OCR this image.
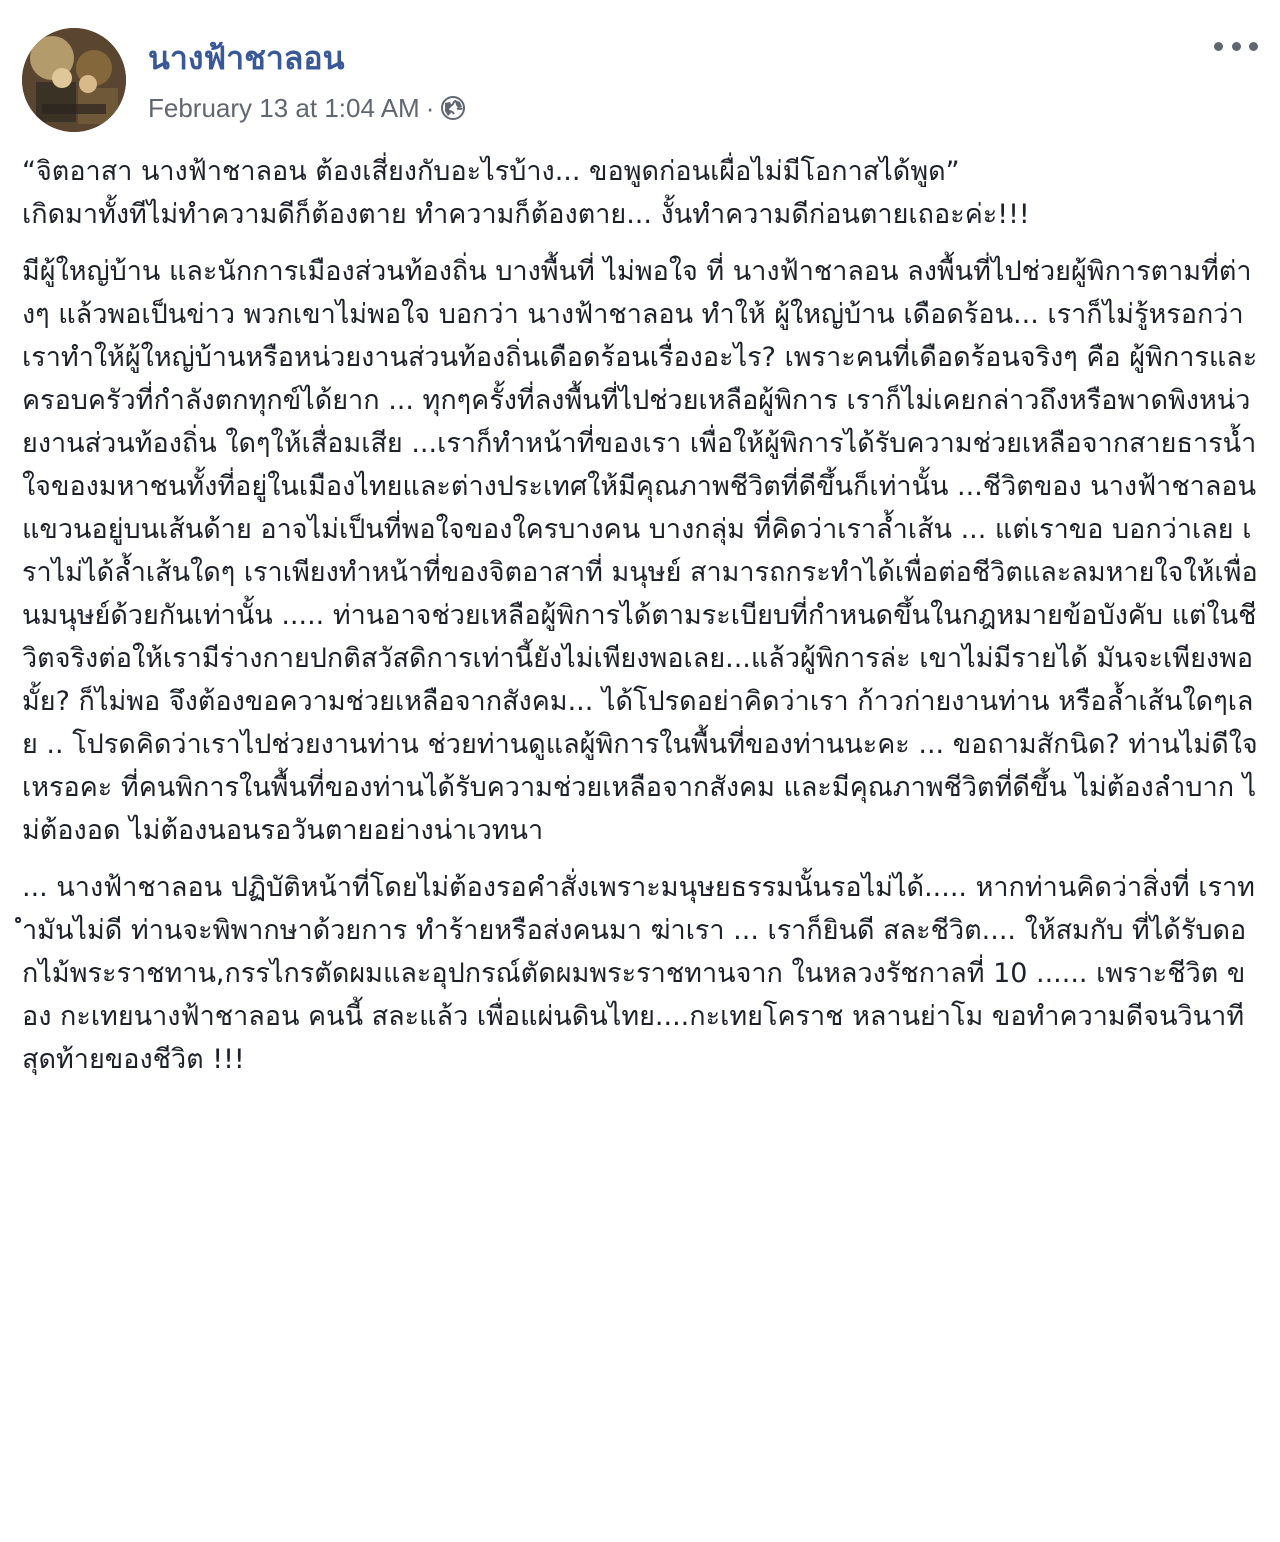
นางฟ้าชาลอน
February 13 at 1:04 AM ·

“จิตอาสา นางฟ้าชาลอน ต้องเสี่ยงกับอะไรบ้าง... ขอพูดก่อนเผื่อไม่มีโอกาสได้พูด”

เกิดมาทั้งทีไม่ทำความดีก็ต้องตาย ทำความก็ต้องตาย... งั้นทำความดีก่อนตายเถอะค่ะ!!!

มีผู้ใหญ่บ้าน และนักการเมืองส่วนท้องถิ่น บางพื้นที่ ไม่พอใจ ที่ นางฟ้าชาลอน ลงพื้นที่ไปช่วยผู้พิการตามที่ต่างๆ แล้วพอเป็นข่าว พวกเขาไม่พอใจ บอกว่า นางฟ้าชาลอน ทำให้ ผู้ใหญ่บ้าน เดือดร้อน... เราก็ไม่รู้หรอกว่า เราทำให้ผู้ใหญ่บ้านหรือหน่วยงานส่วนท้องถิ่นเดือดร้อนเรื่องอะไร? เพราะคนที่เดือดร้อนจริงๆ คือ ผู้พิการและครอบครัวที่กำลังตกทุกข์ได้ยาก ... ทุกๆครั้งที่ลงพื้นที่ไปช่วยเหลือผู้พิการ เราก็ไม่เคยกล่าวถึงหรือพาดพิงหน่วยงานส่วนท้องถิ่น ใดๆให้เสื่อมเสีย ...เราก็ทำหน้าที่ของเรา เพื่อให้ผู้พิการได้รับความช่วยเหลือจากสายธารน้ำใจของมหาชนทั้งที่อยู่ในเมืองไทยและต่างประเทศให้มีคุณภาพชีวิตที่ดีขึ้นก็เท่านั้น ...ชีวิตของ นางฟ้าชาลอน แขวนอยู่บนเส้นด้าย อาจไม่เป็นที่พอใจของใครบางคน บางกลุ่ม ที่คิดว่าเราล้ำเส้น ... แต่เราขอ บอกว่าเลย เราไม่ได้ล้ำเส้นใดๆ เราเพียงทำหน้าที่ของจิตอาสาที่ มนุษย์ สามารถกระทำได้เพื่อต่อชีวิตและลมหายใจให้เพื่อนมนุษย์ด้วยกันเท่านั้น ..... ท่านอาจช่วยเหลือผู้พิการได้ตามระเบียบที่กำหนดขึ้นในกฎหมายข้อบังคับ แต่ในชีวิตจริงต่อให้เรามีร่างกายปกติสวัสดิการเท่านี้ยังไม่เพียงพอเลย...แล้วผู้พิการล่ะ เขาไม่มีรายได้ มันจะเพียงพอมั้ย? ก็ไม่พอ จึงต้องขอความช่วยเหลือจากสังคม... ได้โปรดอย่าคิดว่าเรา ก้าวก่ายงานท่าน หรือล้ำเส้นใดๆเลย .. โปรดคิดว่าเราไปช่วยงานท่าน ช่วยท่านดูแลผู้พิการในพื้นที่ของท่านนะคะ ... ขอถามสักนิด? ท่านไม่ดีใจเหรอคะ ที่คนพิการในพื้นที่ของท่านได้รับความช่วยเหลือจากสังคม และมีคุณภาพชีวิตที่ดีขึ้น ไม่ต้องลำบาก ไม่ต้องอด ไม่ต้องนอนรอวันตายอย่างน่าเวทนา

... นางฟ้าชาลอน ปฏิบัติหน้าที่โดยไม่ต้องรอคำสั่งเพราะมนุษยธรรมนั้นรอไม่ได้..... หากท่านคิดว่าสิ่งที่ เราทำมันไม่ดี ท่านจะพิพากษาด้วยการ ทำร้ายหรือส่งคนมา ฆ่าเรา ... เราก็ยินดี สละชีวิต.... ให้สมกับ ที่ได้รับดอกไม้พระราชทาน,กรรไกรตัดผมและอุปกรณ์ตัดผมพระราชทานจาก ในหลวงรัชกาลที่ 10 ...... เพราะชีวิต ของ กะเทยนางฟ้าชาลอน คนนี้ สละแล้ว เพื่อแผ่นดินไทย....กะเทยโคราช หลานย่าโม ขอทำความดีจนวินาทีสุดท้ายของชีวิต !!!
